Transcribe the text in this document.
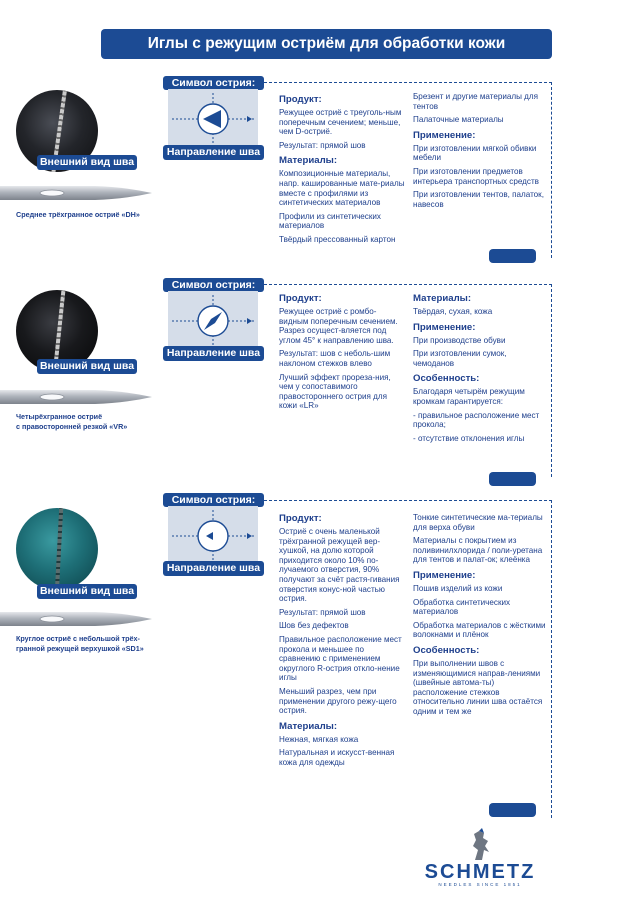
Иглы с режущим остриём для обработки кожи
Внешний вид шва
Среднее трёхгранное остриё «DH»
Символ острия:
Направление шва
Продукт:
Режущее остриё с треуголь-ным поперечным сечением; меньше, чем D-остриё.
Результат: прямой шов
Материалы:
Композиционные материалы, напр. кашированные мате-риалы вместе с профилями из синтетических материалов
Профили из синтетических материалов
Твёрдый прессованный картон
Брезент и другие материалы для тентов
Палаточные материалы
Применение:
При изготовлении мягкой обивки мебели
При изготовлении предметов интерьера транспортных средств
При изготовлении тентов, палаток, навесов
Внешний вид шва
Четырёхгранное остриё
с правосторонней резкой «VR»
Символ острия:
Направление шва
Продукт:
Режущее остриё с ромбо-видным поперечным сечением. Разрез осущест-вляется под углом 45° к направлению шва.
Результат: шов с неболь-шим наклоном стежков влево
Лучший эффект прореза-ния, чем у сопоставимого правостороннего острия для кожи «LR»
Материалы:
Твёрдая, сухая, кожа
Применение:
При производстве обуви
При изготовлении сумок, чемоданов
Особенность:
Благодаря четырём режущим кромкам гарантируется:
- правильное расположение мест прокола;
- отсутствие отклонения иглы
Внешний вид шва
Круглое остриё с небольшой трёх-
гранной режущей верхушкой «SD1»
Символ острия:
Направление шва
Продукт:
Остриё с очень маленькой трёхгранной режущей вер-хушкой, на долю которой приходится около 10% по-лучаемого отверстия, 90% получают за счёт растя-гивания отверстия конус-ной частью острия.
Результат: прямой шов
Шов без дефектов
Правильное расположение мест прокола и меньшее по сравнению с применением округлого R-острия откло-нение иглы
Меньший разрез, чем при применении другого режу-щего острия.
Материалы:
Нежная, мягкая кожа
Натуральная и искусст-венная кожа для одежды
Тонкие синтетические ма-териалы для верха обуви
Материалы с покрытием из поливинилхлорида / поли-уретана для тентов и палат-ок; клеёнка
Применение:
Пошив изделий из кожи
Обработка синтетических материалов
Обработка материалов с жёсткими волокнами и плёнок
Особенность:
При выполнении швов с изменяющимися направ-лениями (швейные автома-ты) расположение стежков относительно линии шва остаётся одним и тем же
SCHMETZ
NEEDLES SINCE 1851
